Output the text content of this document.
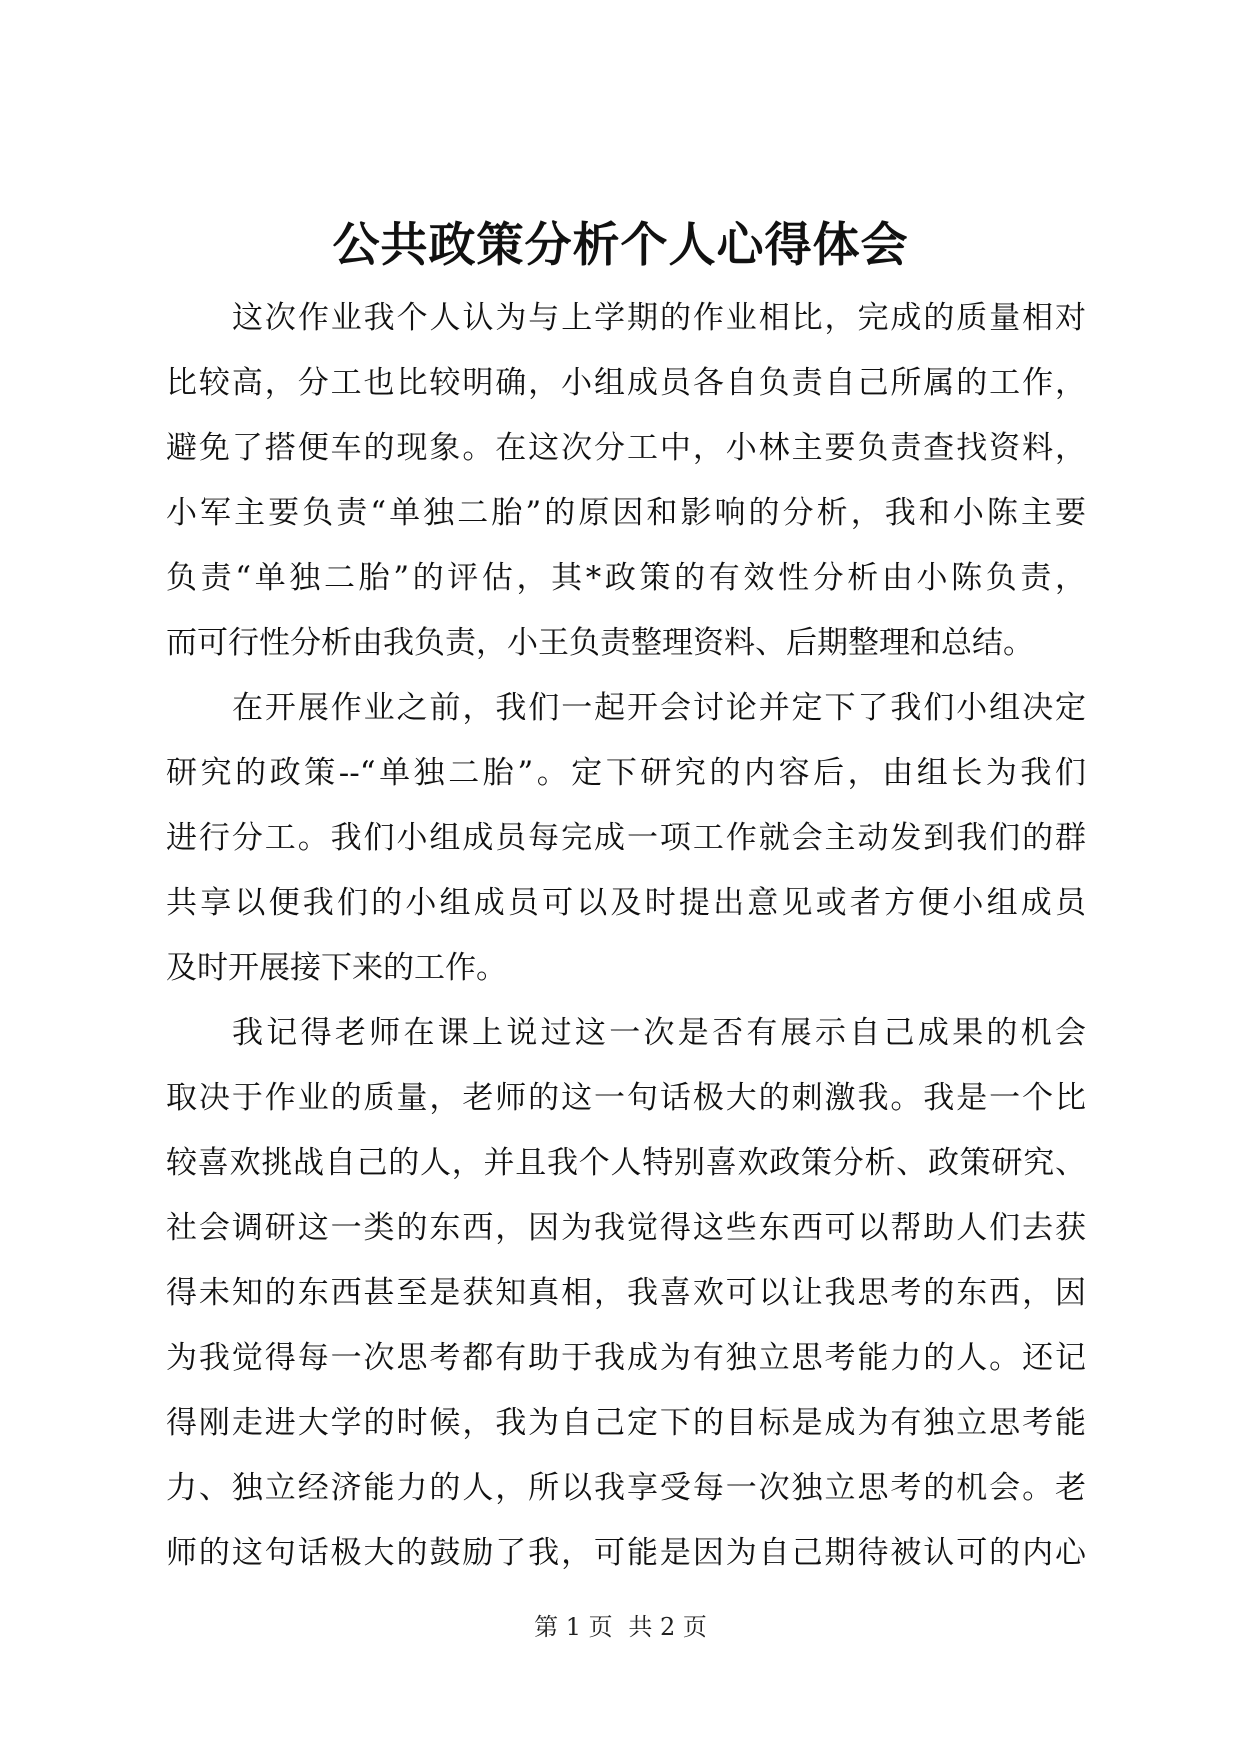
公共政策分析个人心得体会
这次作业我个人认为与上学期的作业相比，完成的质量相对
比较高，分工也比较明确，小组成员各自负责自己所属的工作，
避免了搭便车的现象。在这次分工中，小林主要负责查找资料，
小军主要负责“单独二胎”的原因和影响的分析，我和小陈主要
负责“单独二胎”的评估，其*政策的有效性分析由小陈负责，
而可行性分析由我负责，小王负责整理资料、后期整理和总结。
在开展作业之前，我们一起开会讨论并定下了我们小组决定
研究的政策--“单独二胎”。定下研究的内容后，由组长为我们
进行分工。我们小组成员每完成一项工作就会主动发到我们的群
共享以便我们的小组成员可以及时提出意见或者方便小组成员
及时开展接下来的工作。
我记得老师在课上说过这一次是否有展示自己成果的机会
取决于作业的质量，老师的这一句话极大的刺激我。我是一个比
较喜欢挑战自己的人，并且我个人特别喜欢政策分析、政策研究、
社会调研这一类的东西，因为我觉得这些东西可以帮助人们去获
得未知的东西甚至是获知真相，我喜欢可以让我思考的东西，因
为我觉得每一次思考都有助于我成为有独立思考能力的人。还记
得刚走进大学的时候，我为自己定下的目标是成为有独立思考能
力、独立经济能力的人，所以我享受每一次独立思考的机会。老
师的这句话极大的鼓励了我，可能是因为自己期待被认可的内心
第 1 页 共 2 页
